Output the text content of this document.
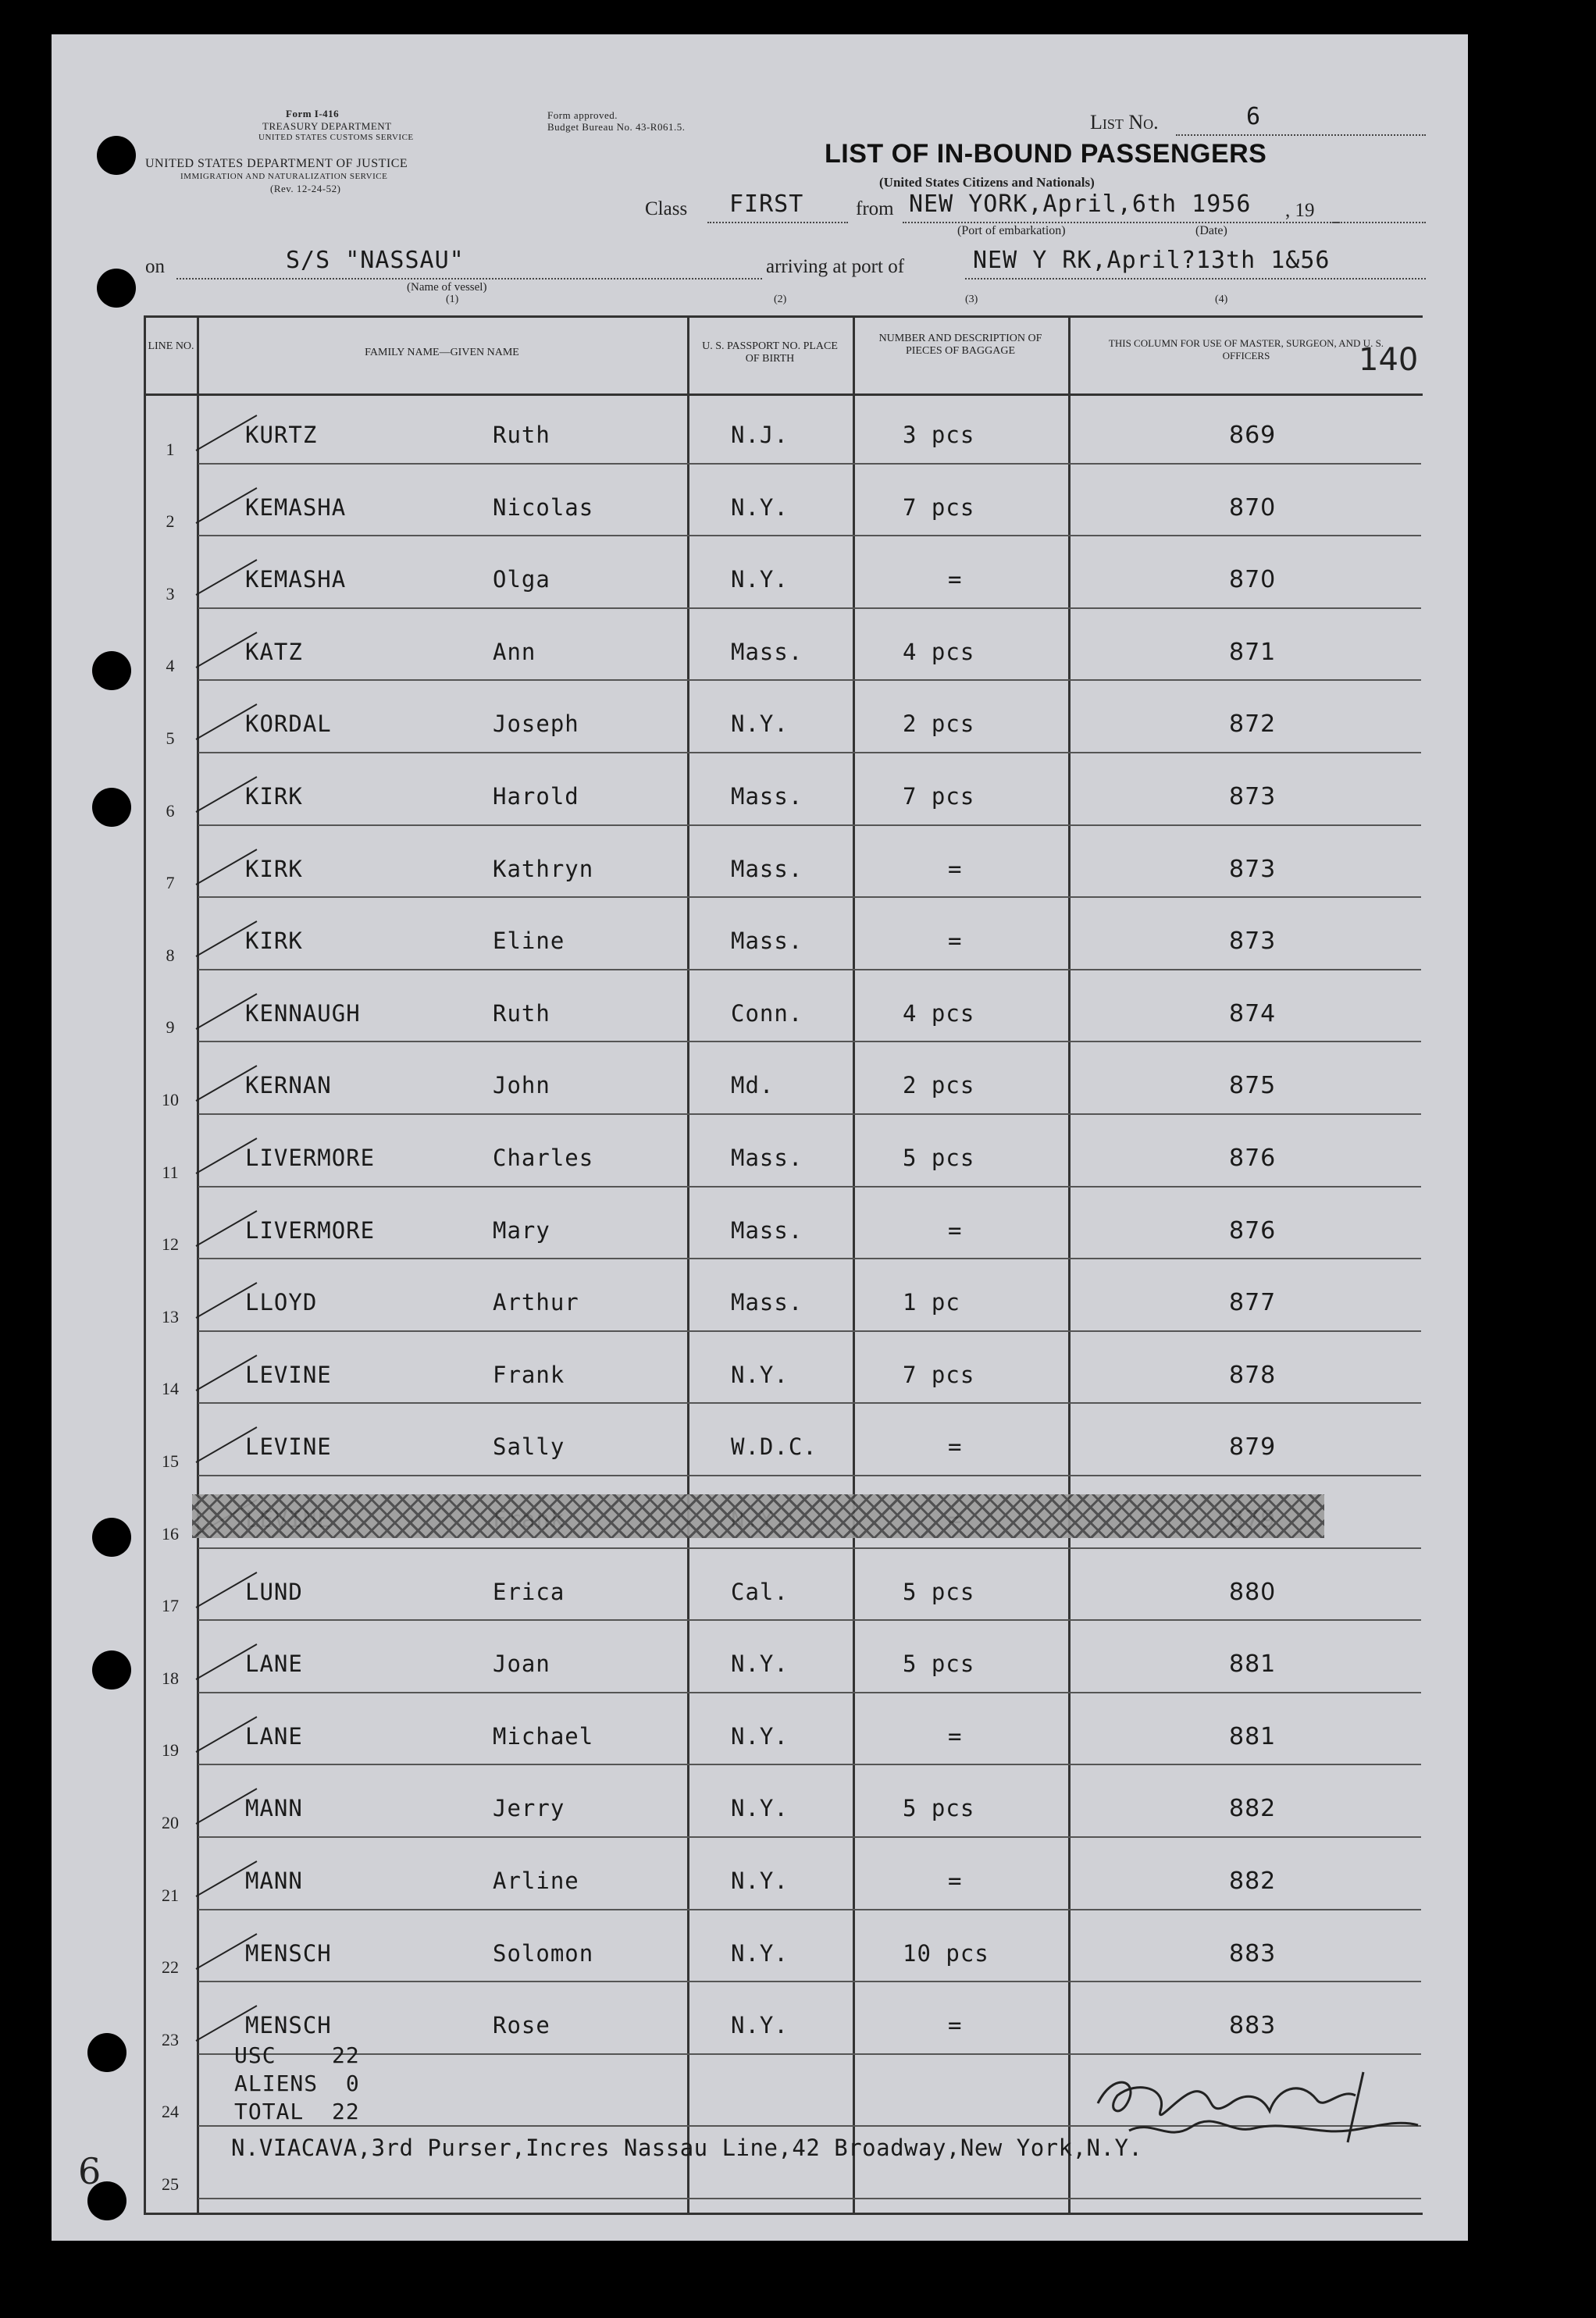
Form I-416
TREASURY DEPARTMENT
UNITED STATES CUSTOMS SERVICE
UNITED STATES DEPARTMENT OF JUSTICE
IMMIGRATION AND NATURALIZATION SERVICE
(Rev. 12-24-52)
Form approved.
Budget Bureau No. 43-R061.5.	List No.	6
LIST OF IN-BOUND PASSENGERS
(United States Citizens and Nationals)
Class FIRST	from NEW YORK,April,6th 1956 , 19
(Port of embarkation)	(Date)
on	S/S "NASSAU"
(Name of vessel)
(1)
arriving at port of	NEW Y RK,April?13th 1&56
(2)	(3)	(4)
140
LINE NO.
FAMILY NAME—GIVEN NAME
U. S. PASSPORT NO. PLACE OF BIRTH
NUMBER AND DESCRIPTION OF PIECES OF BAGGAGE
THIS COLUMN FOR USE OF MASTER, SURGEON, AND U. S. OFFICERS
1
KURTZ	Ruth	N.J.	3 pcs	869
2
KEMASHA	Nicolas	N.Y.	7 pcs	870
3
KEMASHA	Olga	N.Y.	=	870
4
KATZ	Ann	Mass.	4 pcs	871
5
KORDAL	Joseph	N.Y.	2 pcs	872
6
KIRK	Harold	Mass.	7 pcs	873
7
KIRK	Kathryn	Mass.	=	873
8
KIRK	Eline	Mass.	=	873
9
KENNAUGH	Ruth	Conn.	4 pcs	874
10
KERNAN	John	Md.	2 pcs	875
11
LIVERMORE	Charles	Mass.	5 pcs	876
12
LIVERMORE	Mary	Mass.	=	876
13
LLOYD	Arthur	Mass.	1 pc	877
14
LEVINE	Frank	N.Y.	7 pcs	878
15
LEVINE	Sally	W.D.C.	=	879
16
17
LUND	Erica	Cal.	5 pcs	880
18
LANE	Joan	N.Y.	5 pcs	881
19
LANE	Michael	N.Y.	=	881
20
MANN	Jerry	N.Y.	5 pcs	882
21
MANN	Arline	N.Y.	=	882
22
MENSCH	Solomon	N.Y.	10 pcs	883
23
MENSCH	Rose	N.Y.	=	883
24
25
USC    22
ALIENS  0
TOTAL  22
N.VIACAVA,3rd Purser,Incres Nassau Line,42 Broadway,New York,N.Y.
6
